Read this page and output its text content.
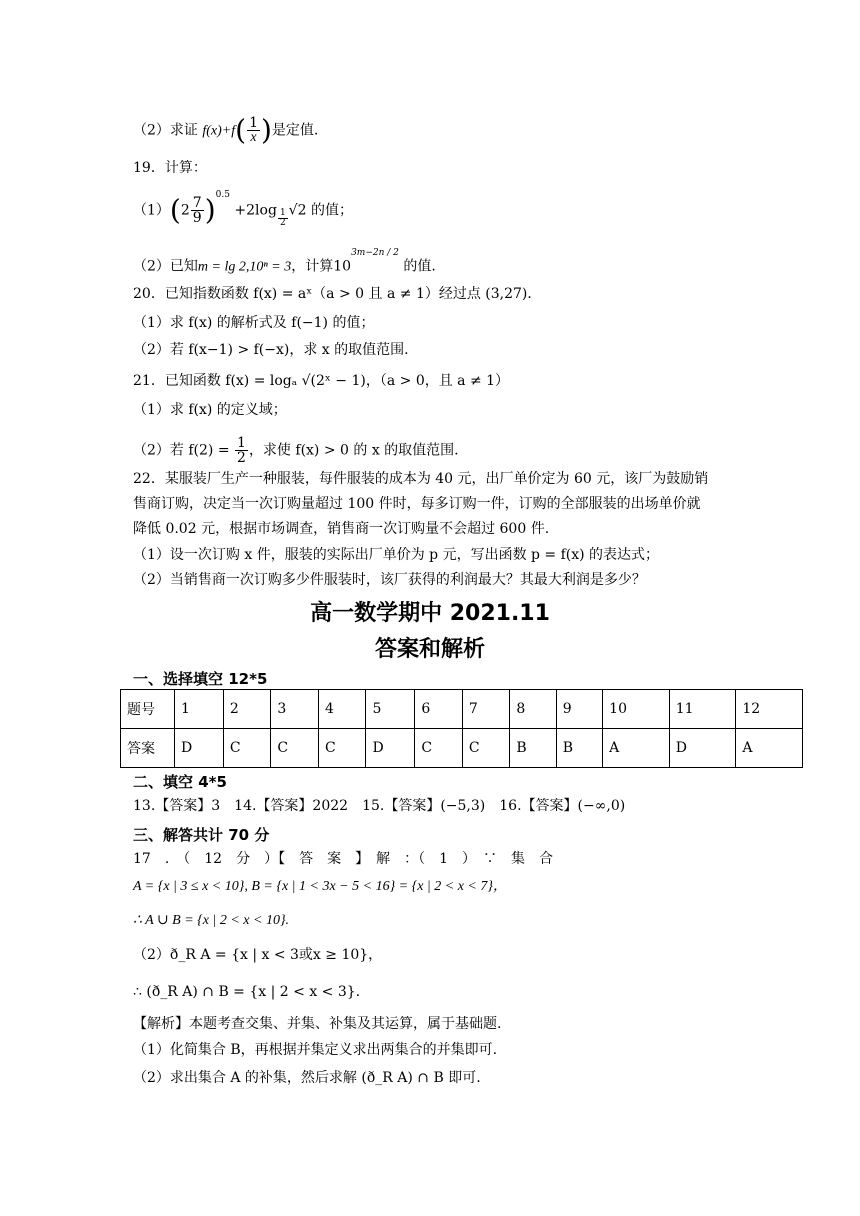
（2）求证 $f(x)+f( \frac{1}{x}$ )是定值.
19．计算：
$(1)(2 \frac{7}{9} )^{0.5} +2\log \frac{1}{2} √2$ 的值；
（2）已知m = lg 2,10ⁿ = 3，计算$10^{3m-2n / 2}$ 的值.
20．已知指数函数 f(x) = aˣ（a > 0 且 a ≠ 1）经过点 (3,27)．
（1）求 f(x) 的解析式及 f(−1) 的值；
（2）若 f(x−1) > f(−x)，求 x 的取值范围.
21．已知函数 f(x) = logₐ √(2ˣ − 1)，（a > 0，且 a ≠ 1）
（1）求 f(x) 的定义域；
（2）若 $f(2) = \frac{1}{2}$ ，求使 f(x) > 0 的 x 的取值范围.
22．某服装厂生产一种服装，每件服装的成本为 40 元，出厂单价定为 60 元，该厂为鼓励销
售商订购，决定当一次订购量超过 100 件时，每多订购一件，订购的全部服装的出场单价就
降低 0.02 元，根据市场调查，销售商一次订购量不会超过 600 件.
（1）设一次订购 x 件，服装的实际出厂单价为 p 元，写出函数 p = f(x) 的表达式；
（2）当销售商一次订购多少件服装时，该厂获得的利润最大？其最大利润是多少？
高一数学期中 2021.11
答案和解析
一、选择填空 12*5
题号	1	2	3	4	5	6	7	8	9	10	11	12
答案	D	C	C	C	D	C	C	B	B	A	D	A
二、填空 4*5
13.【答案】3　14.【答案】2022　15.【答案】(−5,3)　16.【答案】(−∞,0)
三、解答共计 70 分
17　.　（　12　分　）【　答　案　】　解　：（　1　）　∵　集　合
A = {x | 3 ≤ x < 10}, B = {x | 1 < 3x − 5 < 16} = {x | 2 < x < 7}，
∴ A ∪ B = {x | 2 < x < 10}.
（2）ð_R A = {x | x < 3或x ≥ 10}，
∴ (ð_R A) ∩ B = {x | 2 < x < 3}.
【解析】本题考查交集、并集、补集及其运算，属于基础题.
（1）化简集合 B，再根据并集定义求出两集合的并集即可.
（2）求出集合 A 的补集，然后求解 (ð_R A) ∩ B 即可.
